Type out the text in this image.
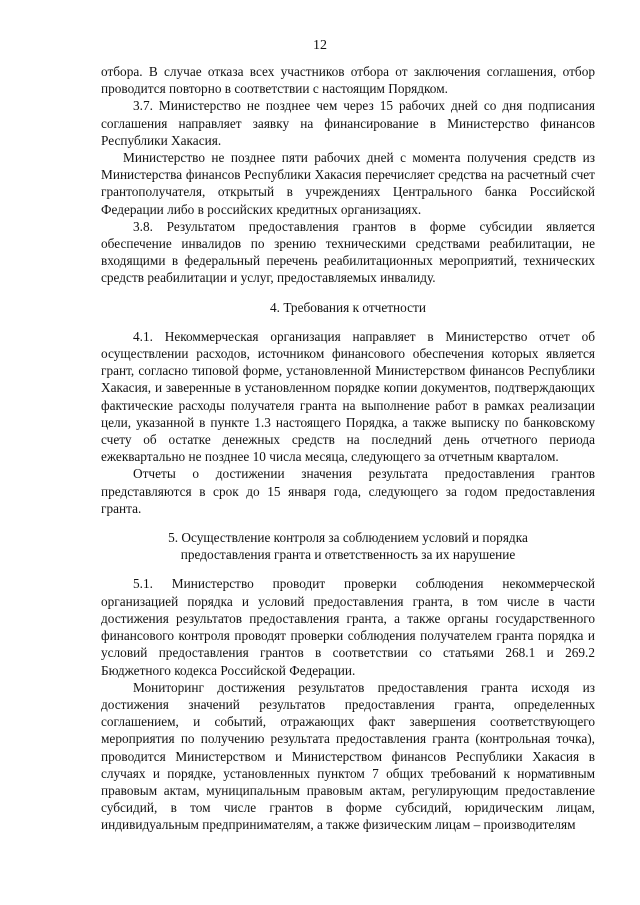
12

отбора. В случае отказа всех участников отбора от заключения соглашения, отбор проводится повторно в соответствии с настоящим Порядком.

3.7. Министерство не позднее чем через 15 рабочих дней со дня подписания соглашения направляет заявку на финансирование в Министерство финансов Республики Хакасия.

Министерство не позднее пяти рабочих дней с момента получения средств из Министерства финансов Республики Хакасия перечисляет средства на расчетный счет грантополучателя, открытый в учреждениях Центрального банка Российской Федерации либо в российских кредитных организациях.

3.8. Результатом предоставления грантов в форме субсидии является обеспечение инвалидов по зрению техническими средствами реабилитации, не входящими в федеральный перечень реабилитационных мероприятий, технических средств реабилитации и услуг, предоставляемых инвалиду.

4. Требования к отчетности

4.1. Некоммерческая организация направляет в Министерство отчет об осуществлении расходов, источником финансового обеспечения которых является грант, согласно типовой форме, установленной Министерством финансов Республики Хакасия, и заверенные в установленном порядке копии документов, подтверждающих фактические расходы получателя гранта на выполнение работ в рамках реализации цели, указанной в пункте 1.3 настоящего Порядка, а также выписку по банковскому счету об остатке денежных средств на последний день отчетного периода ежеквартально не позднее 10 числа месяца, следующего за отчетным кварталом.

Отчеты о достижении значения результата предоставления грантов представляются в срок до 15 января года, следующего за годом предоставления гранта.

5. Осуществление контроля за соблюдением условий и порядка

предоставления гранта и ответственность за их нарушение

5.1. Министерство проводит проверки соблюдения некоммерческой организацией порядка и условий предоставления гранта, в том числе в части достижения результатов предоставления гранта, а также органы государственного финансового контроля проводят проверки соблюдения получателем гранта порядка и условий предоставления грантов в соответствии со статьями 268.1 и 269.2 Бюджетного кодекса Российской Федерации.

Мониторинг достижения результатов предоставления гранта исходя из достижения значений результатов предоставления гранта, определенных соглашением, и событий, отражающих факт завершения соответствующего мероприятия по получению результата предоставления гранта (контрольная точка), проводится Министерством и Министерством финансов Республики Хакасия в случаях и порядке, установленных пунктом 7 общих требований к нормативным правовым актам, муниципальным правовым актам, регулирующим предоставление субсидий, в том числе грантов в форме субсидий, юридическим лицам, индивидуальным предпринимателям, а также физическим лицам – производителям
